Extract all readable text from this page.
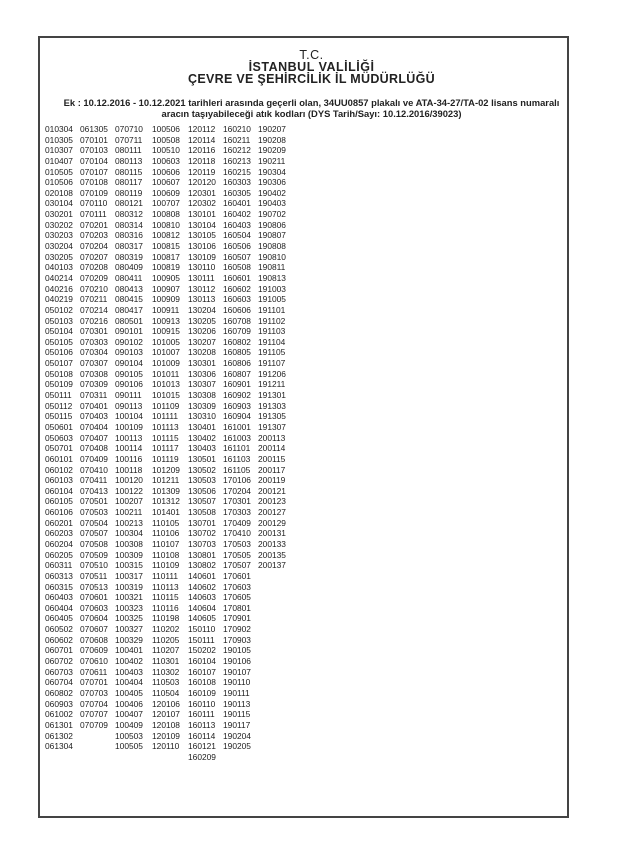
T.C.
İSTANBUL VALİLİĞİ
ÇEVRE VE ŞEHİRCİLİK İL MÜDÜRLÜĞÜ
Ek : 10.12.2016 - 10.12.2021 tarihleri arasında geçerli olan, 34UU0857 plakalı ve ATA-34-27/TA-02 lisans numaralı
aracın taşıyabileceği atık kodları (DYS Tarih/Sayı: 10.12.2016/39023)
010304
010305
010307
010407
010505
010506
020108
030104
030201
030202
030203
030204
030205
040103
040214
040216
040219
050102
050103
050104
050105
050106
050107
050108
050109
050111
050112
050115
050601
050603
050701
060101
060102
060103
060104
060105
060106
060201
060203
060204
060205
060311
060313
060315
060403
060404
060405
060502
060602
060701
060702
060703
060704
060802
060903
061002
061301
061302
061304
061305
070101
070103
070104
070107
070108
070109
070110
070111
070201
070203
070204
070207
070208
070209
070210
070211
070214
070216
070301
070303
070304
070307
070308
070309
070311
070401
070403
070404
070407
070408
070409
070410
070411
070413
070501
070503
070504
070507
070508
070509
070510
070511
070513
070601
070603
070604
070607
070608
070609
070610
070611
070701
070703
070704
070707
070709
070710
070711
080111
080113
080115
080117
080119
080121
080312
080314
080316
080317
080319
080409
080411
080413
080415
080417
080501
090101
090102
090103
090104
090105
090106
090111
090113
100104
100109
100113
100114
100116
100118
100120
100122
100207
100211
100213
100304
100308
100309
100315
100317
100319
100321
100323
100325
100327
100329
100401
100402
100403
100404
100405
100406
100407
100409
100503
100505
100506
100508
100510
100603
100606
100607
100609
100707
100808
100810
100812
100815
100817
100819
100905
100907
100909
100911
100913
100915
101005
101007
101009
101011
101013
101015
101109
101111
101113
101115
101117
101119
101209
101211
101309
101312
101401
110105
110106
110107
110108
110109
110111
110113
110115
110116
110198
110202
110205
110207
110301
110302
110503
110504
120106
120107
120108
120109
120110
120112
120114
120116
120118
120119
120120
120301
120302
130101
130104
130105
130106
130109
130110
130111
130112
130113
130204
130205
130206
130207
130208
130301
130306
130307
130308
130309
130310
130401
130402
130403
130501
130502
130503
130506
130507
130508
130701
130702
130703
130801
130802
140601
140602
140603
140604
140605
150110
150111
150202
160104
160107
160108
160109
160110
160111
160113
160114
160121
160209
160210
160211
160212
160213
160215
160303
160305
160401
160402
160403
160504
160506
160507
160508
160601
160602
160603
160606
160708
160709
160802
160805
160806
160807
160901
160902
160903
160904
161001
161003
161101
161103
161105
170106
170204
170301
170303
170409
170410
170503
170505
170507
170601
170603
170605
170801
170901
170902
170903
190105
190106
190107
190110
190111
190113
190115
190117
190204
190205
190207
190208
190209
190211
190304
190306
190402
190403
190702
190806
190807
190808
190810
190811
190813
191003
191005
191101
191102
191103
191104
191105
191107
191206
191211
191301
191303
191305
191307
200113
200114
200115
200117
200119
200121
200123
200127
200129
200131
200133
200135
200137
